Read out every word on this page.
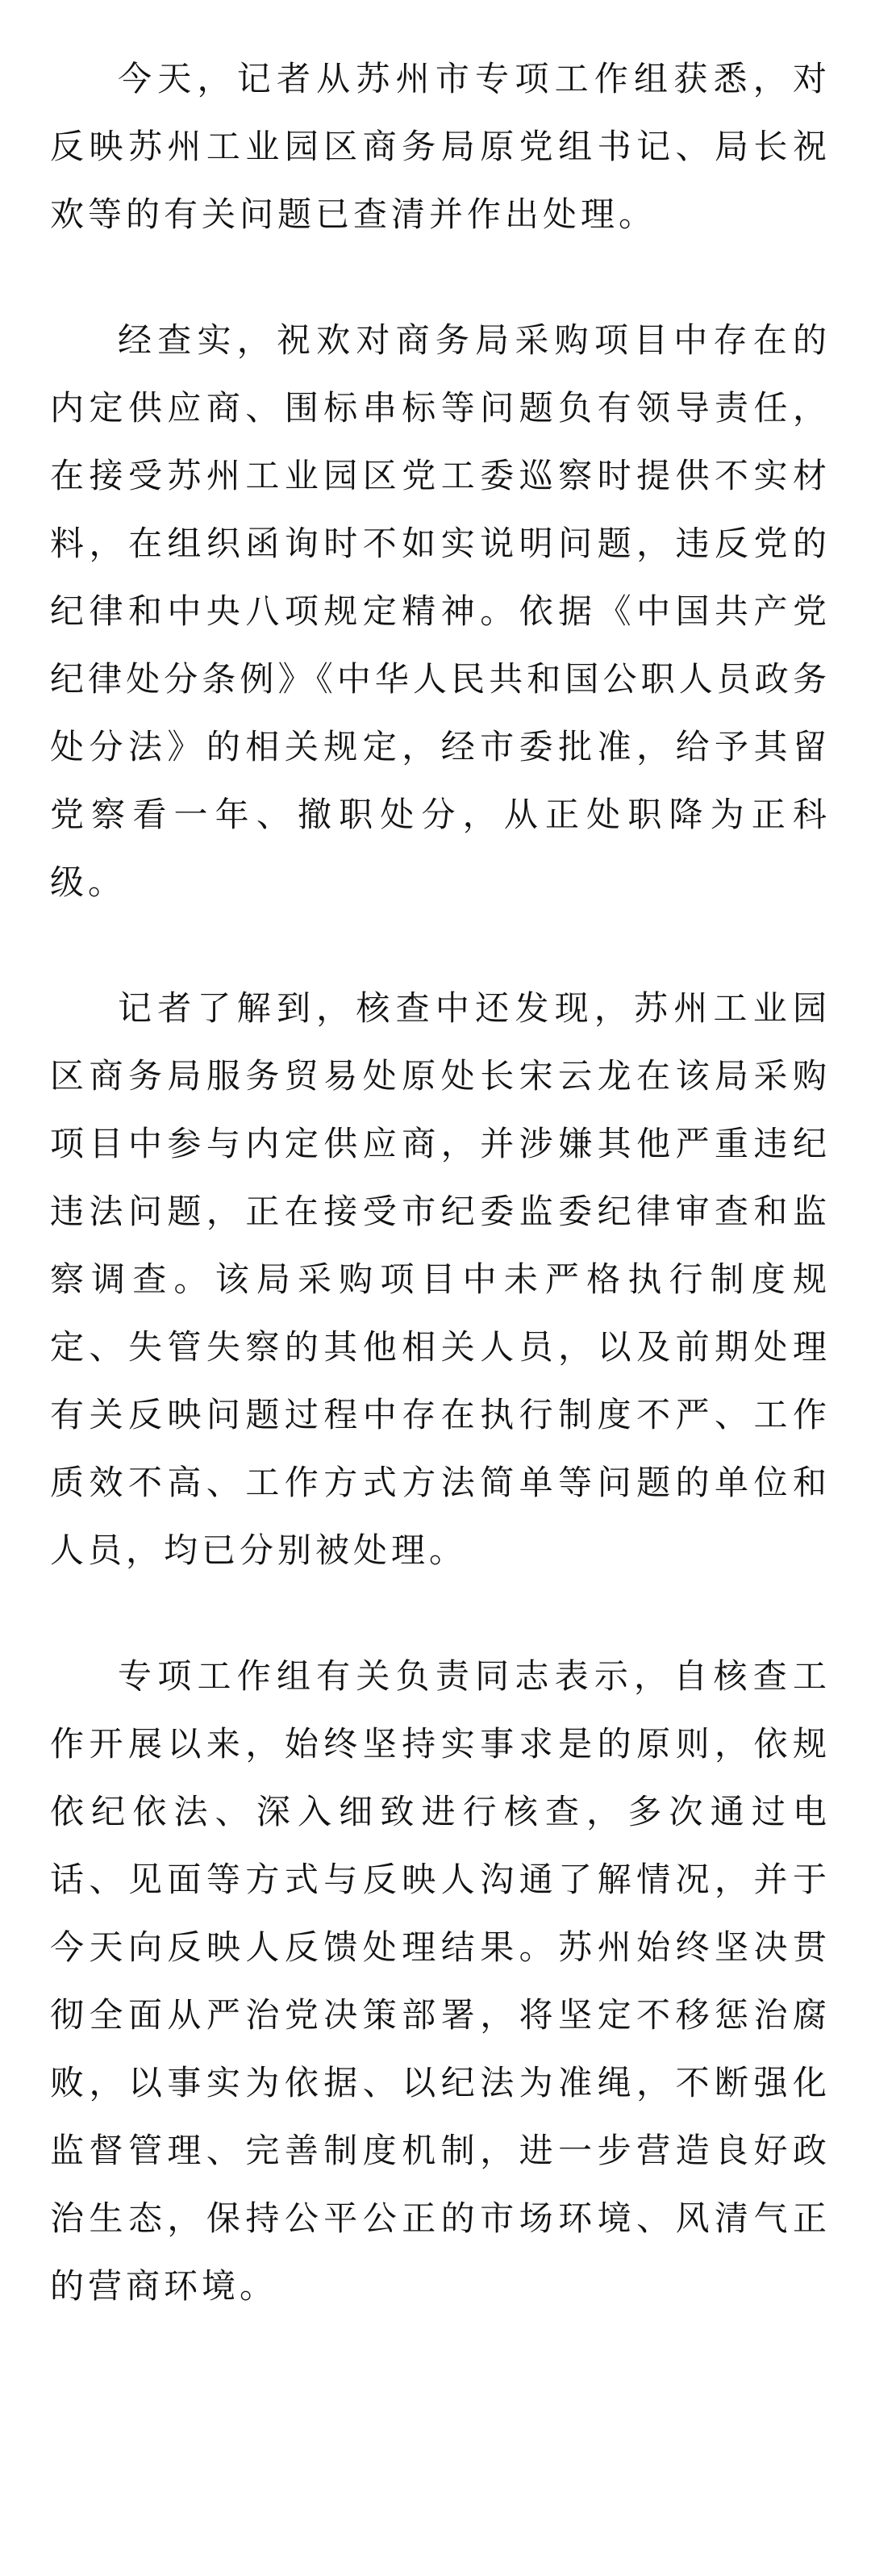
今天，记者从苏州市专项工作组获悉，对反映苏州工业园区商务局原党组书记、局长祝欢等的有关问题已查清并作出处理。

经查实，祝欢对商务局采购项目中存在的内定供应商、围标串标等问题负有领导责任，在接受苏州工业园区党工委巡察时提供不实材料，在组织函询时不如实说明问题，违反党的纪律和中央八项规定精神。依据《中国共产党纪律处分条例》《中华人民共和国公职人员政务处分法》的相关规定，经市委批准，给予其留党察看一年、撤职处分，从正处职降为正科级。

记者了解到，核查中还发现，苏州工业园区商务局服务贸易处原处长宋云龙在该局采购项目中参与内定供应商，并涉嫌其他严重违纪违法问题，正在接受市纪委监委纪律审查和监察调查。该局采购项目中未严格执行制度规定、失管失察的其他相关人员，以及前期处理有关反映问题过程中存在执行制度不严、工作质效不高、工作方式方法简单等问题的单位和人员，均已分别被处理。

专项工作组有关负责同志表示，自核查工作开展以来，始终坚持实事求是的原则，依规依纪依法、深入细致进行核查，多次通过电话、见面等方式与反映人沟通了解情况，并于今天向反映人反馈处理结果。苏州始终坚决贯彻全面从严治党决策部署，将坚定不移惩治腐败，以事实为依据、以纪法为准绳，不断强化监督管理、完善制度机制，进一步营造良好政治生态，保持公平公正的市场环境、风清气正的营商环境。
